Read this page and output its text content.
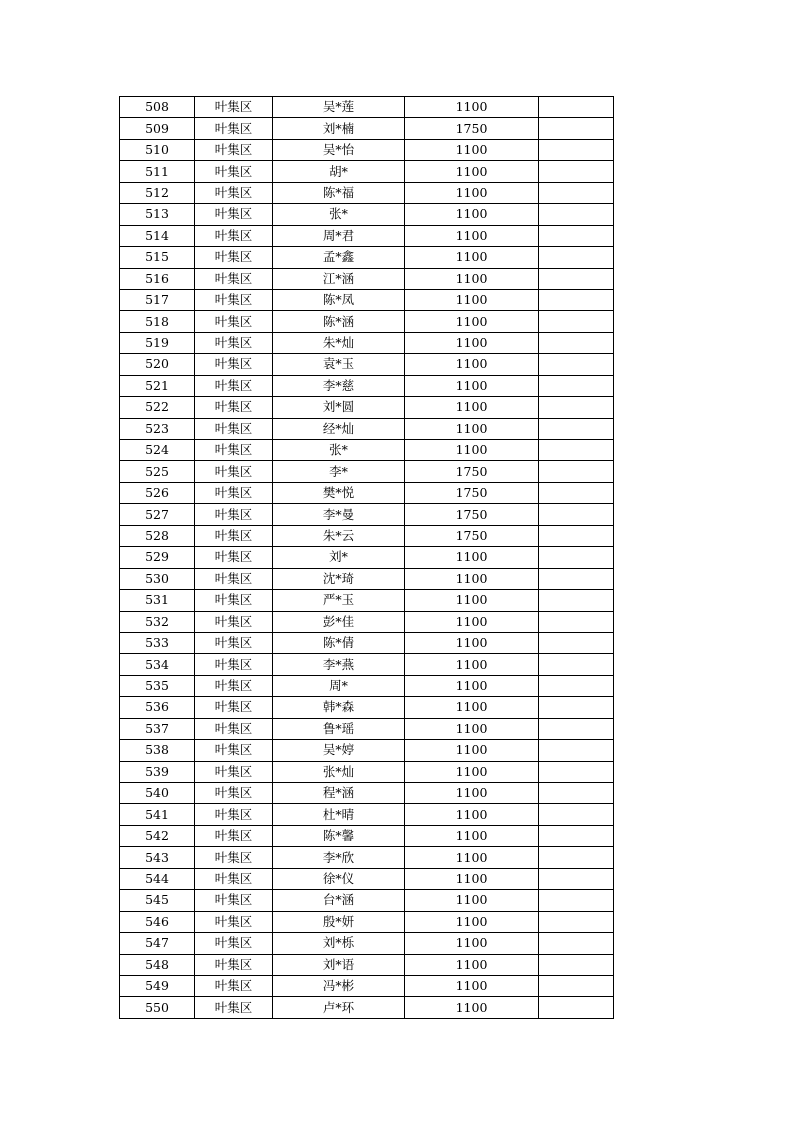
508	叶集区	吴*莲	1100	
509	叶集区	刘*楠	1750	
510	叶集区	吴*怡	1100	
511	叶集区	胡*	1100	
512	叶集区	陈*福	1100	
513	叶集区	张*	1100	
514	叶集区	周*君	1100	
515	叶集区	孟*鑫	1100	
516	叶集区	江*涵	1100	
517	叶集区	陈*凤	1100	
518	叶集区	陈*涵	1100	
519	叶集区	朱*灿	1100	
520	叶集区	袁*玉	1100	
521	叶集区	李*慈	1100	
522	叶集区	刘*圆	1100	
523	叶集区	经*灿	1100	
524	叶集区	张*	1100	
525	叶集区	李*	1750	
526	叶集区	樊*悦	1750	
527	叶集区	李*曼	1750	
528	叶集区	朱*云	1750	
529	叶集区	刘*	1100	
530	叶集区	沈*琦	1100	
531	叶集区	严*玉	1100	
532	叶集区	彭*佳	1100	
533	叶集区	陈*倩	1100	
534	叶集区	李*燕	1100	
535	叶集区	周*	1100	
536	叶集区	韩*森	1100	
537	叶集区	鲁*瑶	1100	
538	叶集区	吴*婷	1100	
539	叶集区	张*灿	1100	
540	叶集区	程*涵	1100	
541	叶集区	杜*晴	1100	
542	叶集区	陈*馨	1100	
543	叶集区	李*欣	1100	
544	叶集区	徐*仪	1100	
545	叶集区	台*涵	1100	
546	叶集区	殷*妍	1100	
547	叶集区	刘*栎	1100	
548	叶集区	刘*语	1100	
549	叶集区	冯*彬	1100	
550	叶集区	卢*环	1100	
